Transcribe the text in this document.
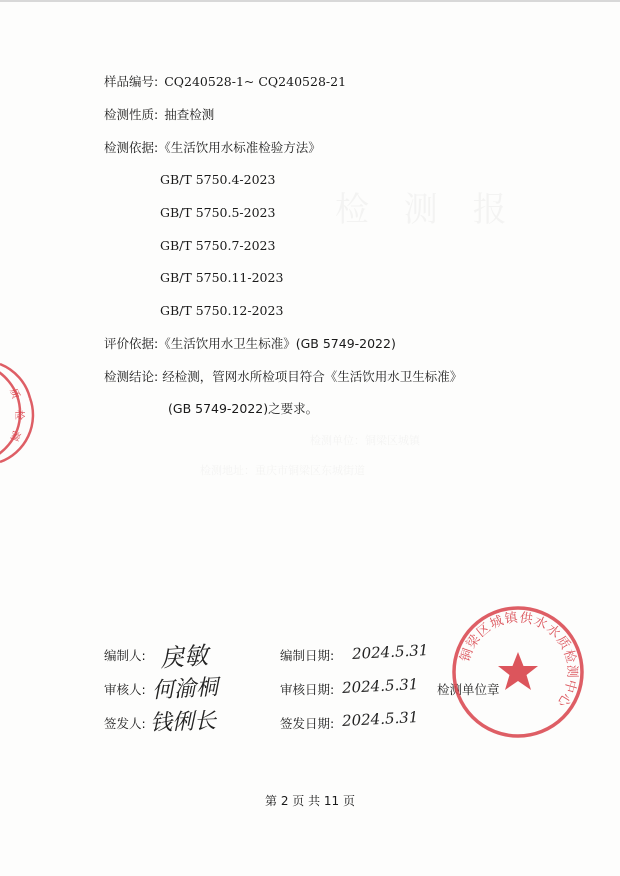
检 测 报
检测单位：铜梁区城镇
检测地址：重庆市铜梁区东城街道
样品编号: CQ240528-1~ CQ240528-21
检测性质: 抽查检测
检测依据:《生活饮用水标准检验方法》
GB/T 5750.4-2023
GB/T 5750.5-2023
GB/T 5750.7-2023
GB/T 5750.11-2023
GB/T 5750.12-2023
评价依据:《生活饮用水卫生标准》(GB 5749-2022)
检测结论: 经检测，管网水所检项目符合《生活饮用水卫生标准》
(GB 5749-2022)之要求。
质
检
测
编制人: 戾敏	编制日期: 2024.5.31
审核人: 何渝桐	审核日期: 2024.5.31 检测单位章
签发人: 钱俐长	签发日期: 2024.5.31
铜梁区城镇供水水质检测中心
第 2 页 共 11 页
